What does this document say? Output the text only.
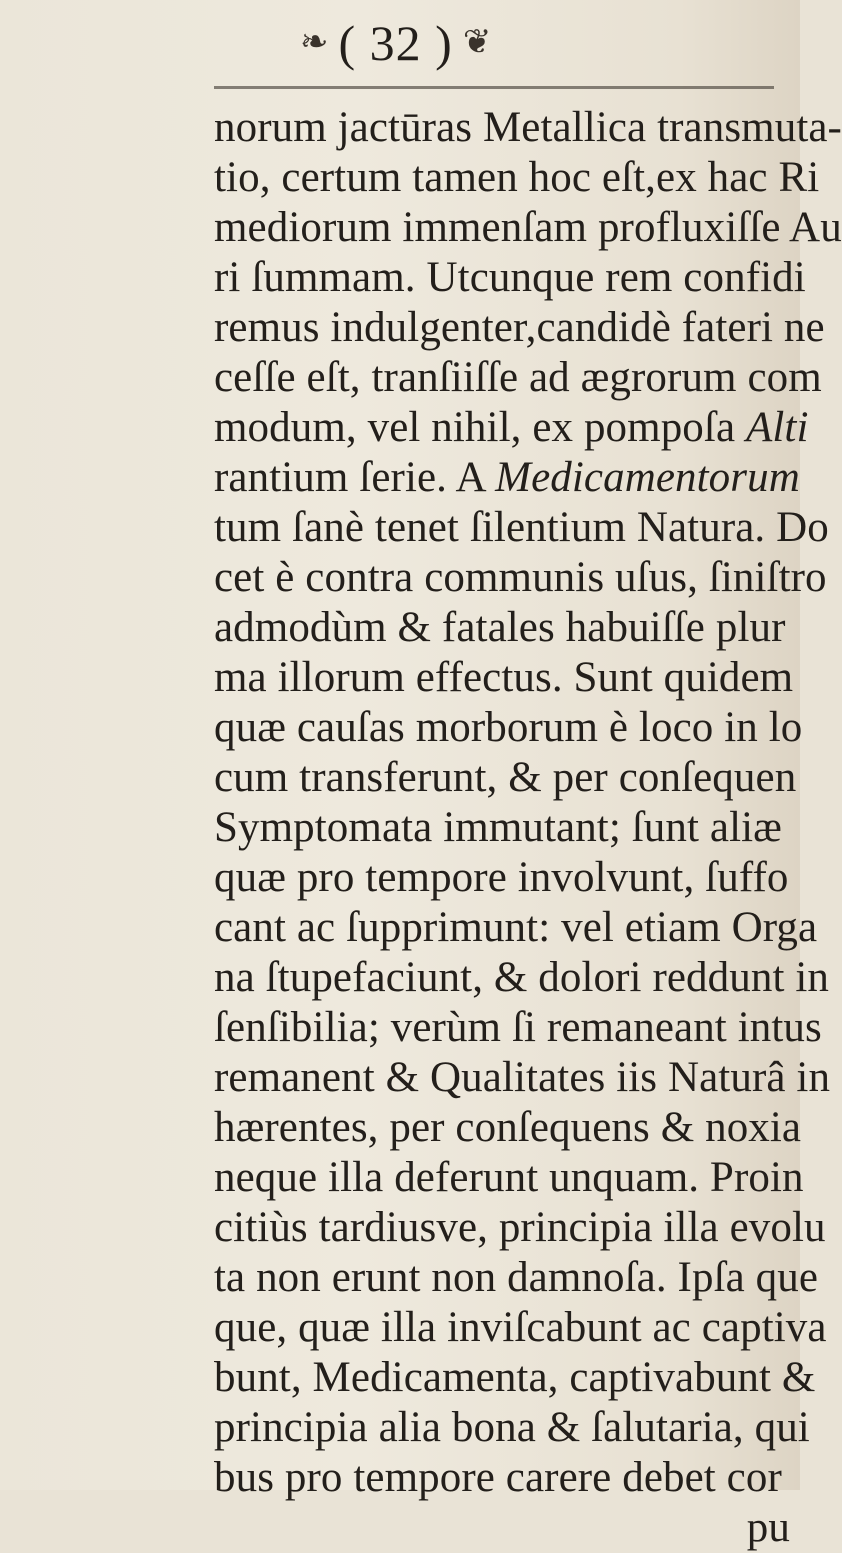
❧ ( 32 ) ❦
norum jactūras Metallica transmuta-
tio, certum tamen hoc eſt,ex hac Ri
mediorum immenſam profluxiſſe Au
ri ſummam. Utcunque rem confidi
remus indulgenter,candidè fateri ne
ceſſe eſt, tranſiiſſe ad ægrorum com
modum, vel nihil, ex pompoſa Alti
rantium ſerie. A Medicamentorum
tum ſanè tenet ſilentium Natura. Do
cet è contra communis uſus, ſiniſtro
admodùm & fatales habuiſſe plur
ma illorum effectus. Sunt quidem
quæ cauſas morborum è loco in lo
cum transferunt, & per conſequen
Symptomata immutant; ſunt aliæ
quæ pro tempore involvunt, ſuffo
cant ac ſupprimunt: vel etiam Orga
na ſtupefaciunt, & dolori reddunt in
ſenſibilia; verùm ſi remaneant intus
remanent & Qualitates iis Naturâ in
hærentes, per conſequens & noxia
neque illa deferunt unquam. Proin
citiùs tardiusve, principia illa evolu
ta non erunt non damnoſa. Ipſa que
que, quæ illa inviſcabunt ac captiva
bunt, Medicamenta, captivabunt &
principia alia bona & ſalutaria, qui
bus pro tempore carere debet cor
pu
